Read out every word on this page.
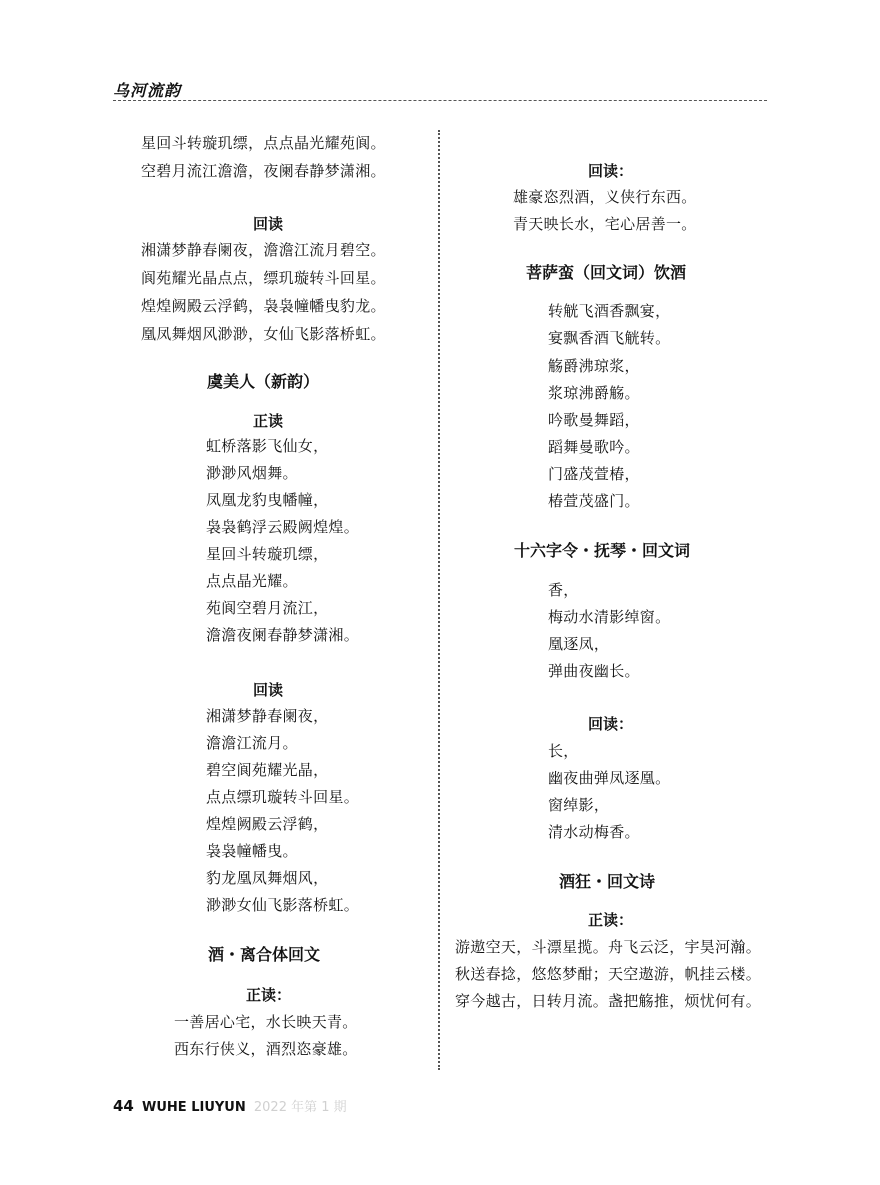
乌河流韵
星回斗转璇玑缥，点点晶光耀苑阆。
空碧月流江澹澹，夜阑春静梦潇湘。
回读
湘潇梦静春阑夜，澹澹江流月碧空。
阆苑耀光晶点点，缥玑璇转斗回星。
煌煌阙殿云浮鹤，袅袅幢幡曳豹龙。
凰凤舞烟风渺渺，女仙飞影落桥虹。
虞美人（新韵）
正读
虹桥落影飞仙女，
渺渺风烟舞。
凤凰龙豹曳幡幢，
袅袅鹤浮云殿阙煌煌。
星回斗转璇玑缥，
点点晶光耀。
苑阆空碧月流江，
澹澹夜阑春静梦潇湘。
回读
湘潇梦静春阑夜，
澹澹江流月。
碧空阆苑耀光晶，
点点缥玑璇转斗回星。
煌煌阙殿云浮鹤，
袅袅幢幡曳。
豹龙凰凤舞烟风，
渺渺女仙飞影落桥虹。
酒・离合体回文
正读：
一善居心宅，水长映天青。
西东行侠义，酒烈恣豪雄。
回读：
雄豪恣烈酒，义侠行东西。
青天映长水，宅心居善一。
菩萨蛮（回文词）饮酒
转觥飞酒香飘宴，
宴飘香酒飞觥转。
觞爵沸琼浆，
浆琼沸爵觞。
吟歌曼舞蹈，
蹈舞曼歌吟。
门盛茂萱椿，
椿萱茂盛门。
十六字令・抚琴・回文词
香，
梅动水清影绰窗。
凰逐凤，
弹曲夜幽长。
回读：
长，
幽夜曲弹凤逐凰。
窗绰影，
清水动梅香。
酒狂・回文诗
正读：
游遨空天，斗漂星揽。舟飞云泛，宇昊河瀚。
秋送春捻，悠悠梦酣；天空遨游，帆挂云楼。
穿今越古，日转月流。盏把觞推，烦忧何有。
44 WUHE LIUYUN 2022 年第 1 期
